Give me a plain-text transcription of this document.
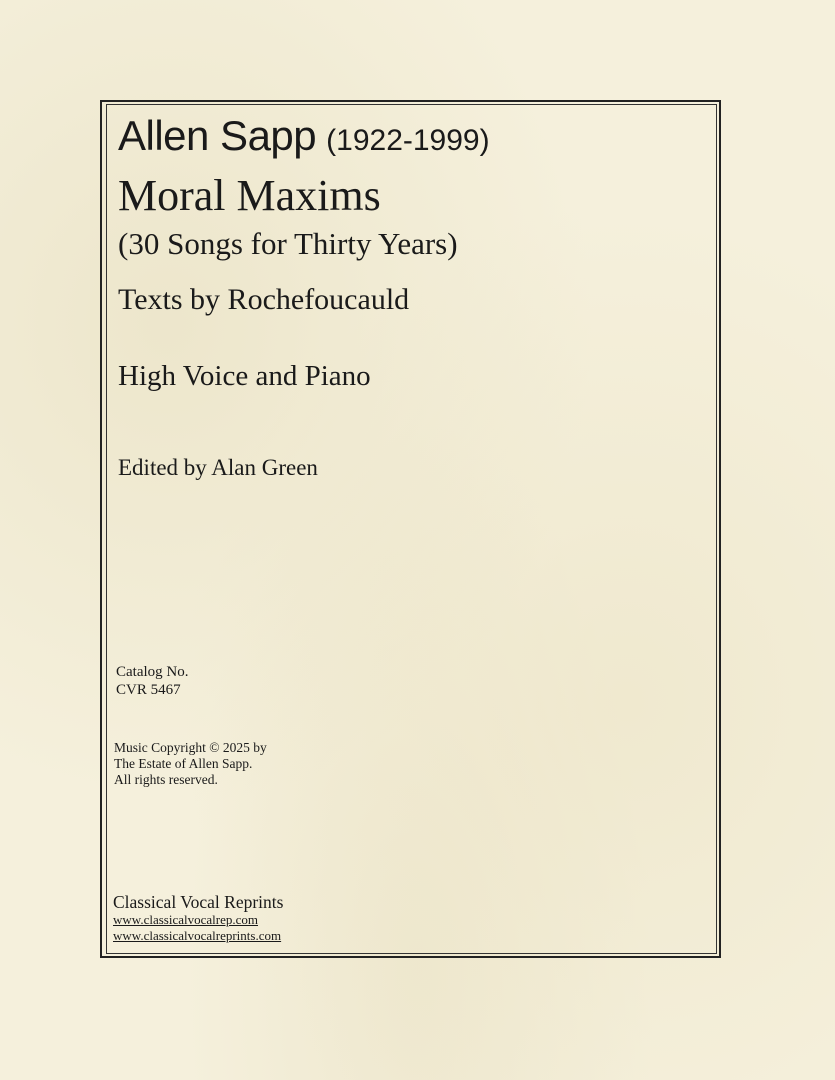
Allen Sapp (1922-1999)
Moral Maxims
(30 Songs for Thirty Years)
Texts by Rochefoucauld
High Voice and Piano
Edited by Alan Green
Catalog No.
CVR 5467
Music Copyright © 2025 by
The Estate of Allen Sapp.
All rights reserved.
Classical Vocal Reprints
www.classicalvocalrep.com
www.classicalvocalreprints.com
